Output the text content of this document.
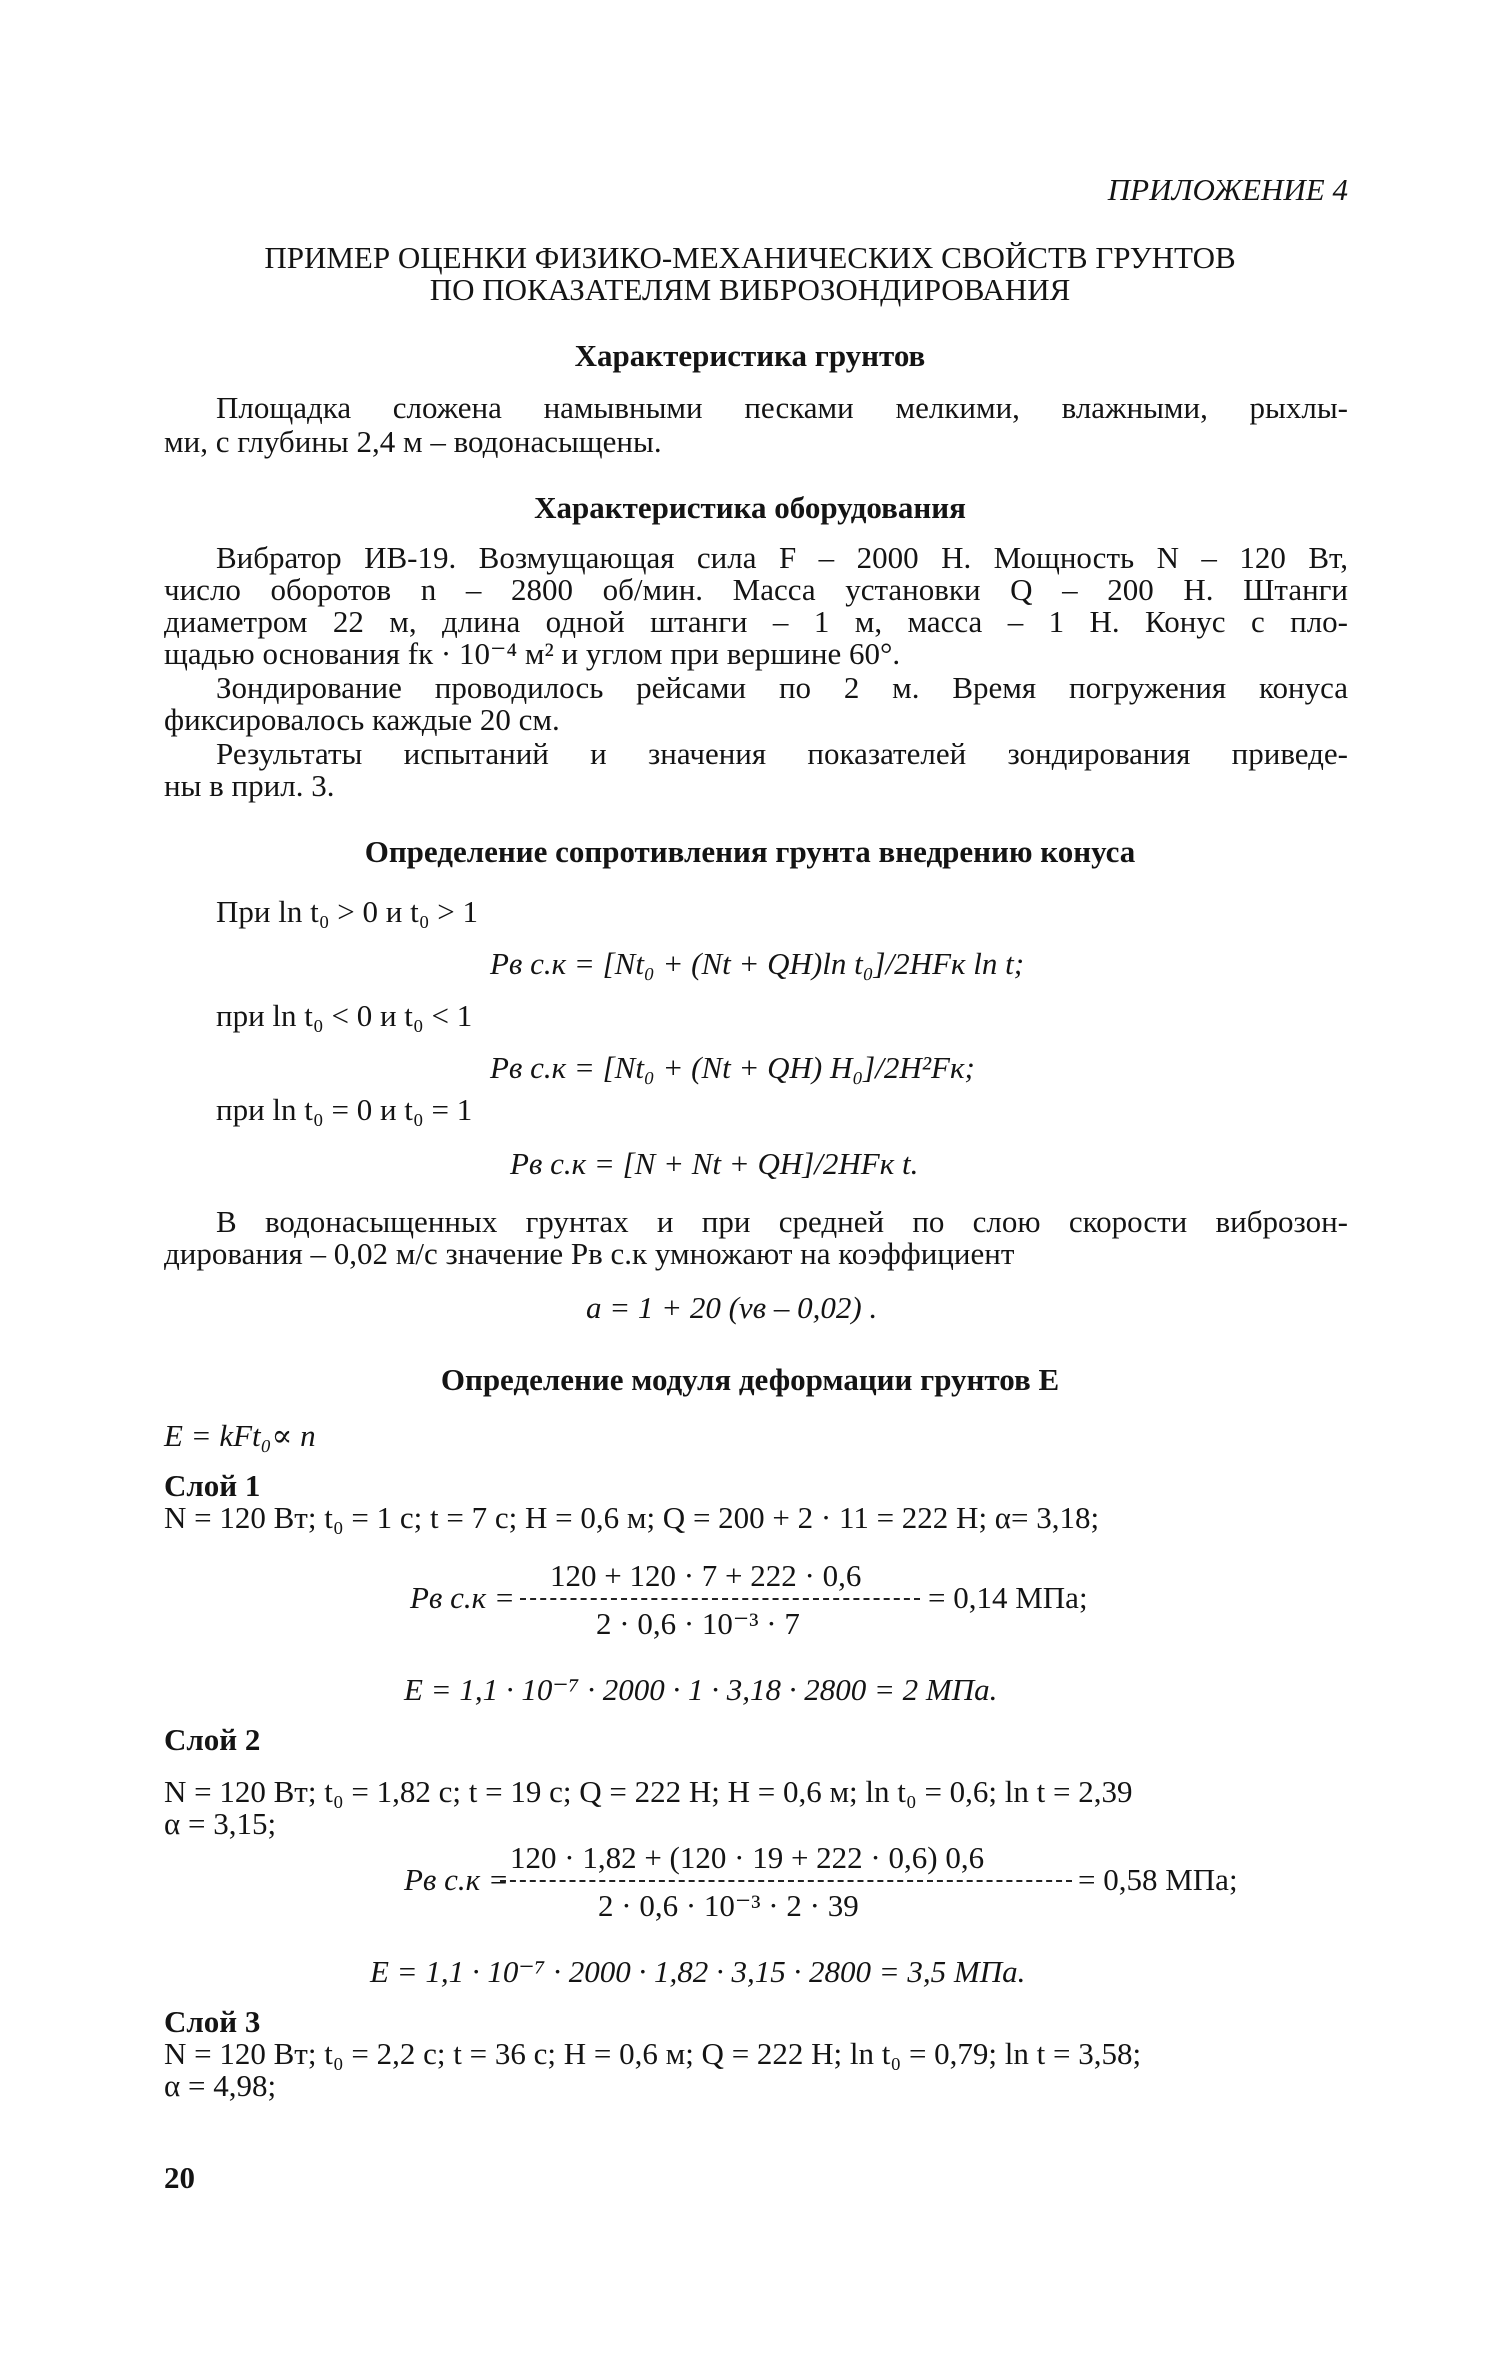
ПРИЛОЖЕНИЕ 4
ПРИМЕР ОЦЕНКИ ФИЗИКО-МЕХАНИЧЕСКИХ СВОЙСТВ ГРУНТОВ
ПО ПОКАЗАТЕЛЯМ ВИБРОЗОНДИРОВАНИЯ
Характеристика грунтов
Площадка сложена намывными песками мелкими, влажными, рыхлы-
ми, с глубины 2,4 м – водонасыщены.
Характеристика оборудования
Вибратор ИВ-19. Возмущающая сила F – 2000 Н. Мощность N – 120 Вт,
число оборотов n – 2800 об/мин. Масса установки Q – 200 Н. Штанги
диаметром 22 м, длина одной штанги – 1 м, масса – 1 Н. Конус с пло-
щадью основания fк · 10⁻⁴ м² и углом при вершине 60°.
Зондирование проводилось рейсами по 2 м. Время погружения конуса
фиксировалось каждые 20 см.
Результаты испытаний и значения показателей зондирования приведе-
ны в прил. 3.
Определение сопротивления грунта внедрению конуса
При ln t₀ > 0 и t₀ > 1
Pв с.к = [Nt₀ + (Nt + QH)ln t₀]/2HFк ln t;
при ln t₀ < 0 и t₀ < 1
Pв с.к = [Nt₀ + (Nt + QH) H₀]/2H²Fк;
при ln t₀ = 0 и t₀ = 1
Pв с.к = [N + Nt + QH]/2HFк t.
В водонасыщенных грунтах и при средней по слою скорости виброзон-
дирования – 0,02 м/с значение Pв с.к умножают на коэффициент
a = 1 + 20 (vв – 0,02) .
Определение модуля деформации грунтов E
E = kFt₀∝ n
Слой 1
N = 120 Вт; t₀ = 1 с; t = 7 с; H = 0,6 м; Q = 200 + 2 · 11 = 222 Н; α= 3,18;
Pв с.к =
120 + 120 · 7 + 222 · 0,6
2 · 0,6 · 10⁻³ · 7
= 0,14 МПа;
E = 1,1 · 10⁻⁷ · 2000 · 1 · 3,18 · 2800 = 2 МПа.
Слой 2
N = 120 Вт; t₀ = 1,82 с; t = 19 с; Q = 222 Н; H = 0,6 м; ln t₀ = 0,6; ln t = 2,39
α = 3,15;
Pв с.к =
120 · 1,82 + (120 · 19 + 222 · 0,6) 0,6
2 · 0,6 · 10⁻³ · 2 · 39
= 0,58 МПа;
E = 1,1 · 10⁻⁷ · 2000 · 1,82 · 3,15 · 2800 = 3,5 МПа.
Слой 3
N = 120 Вт; t₀ = 2,2 с; t = 36 с; H = 0,6 м; Q = 222 Н; ln t₀ = 0,79; ln t = 3,58;
α = 4,98;
20
